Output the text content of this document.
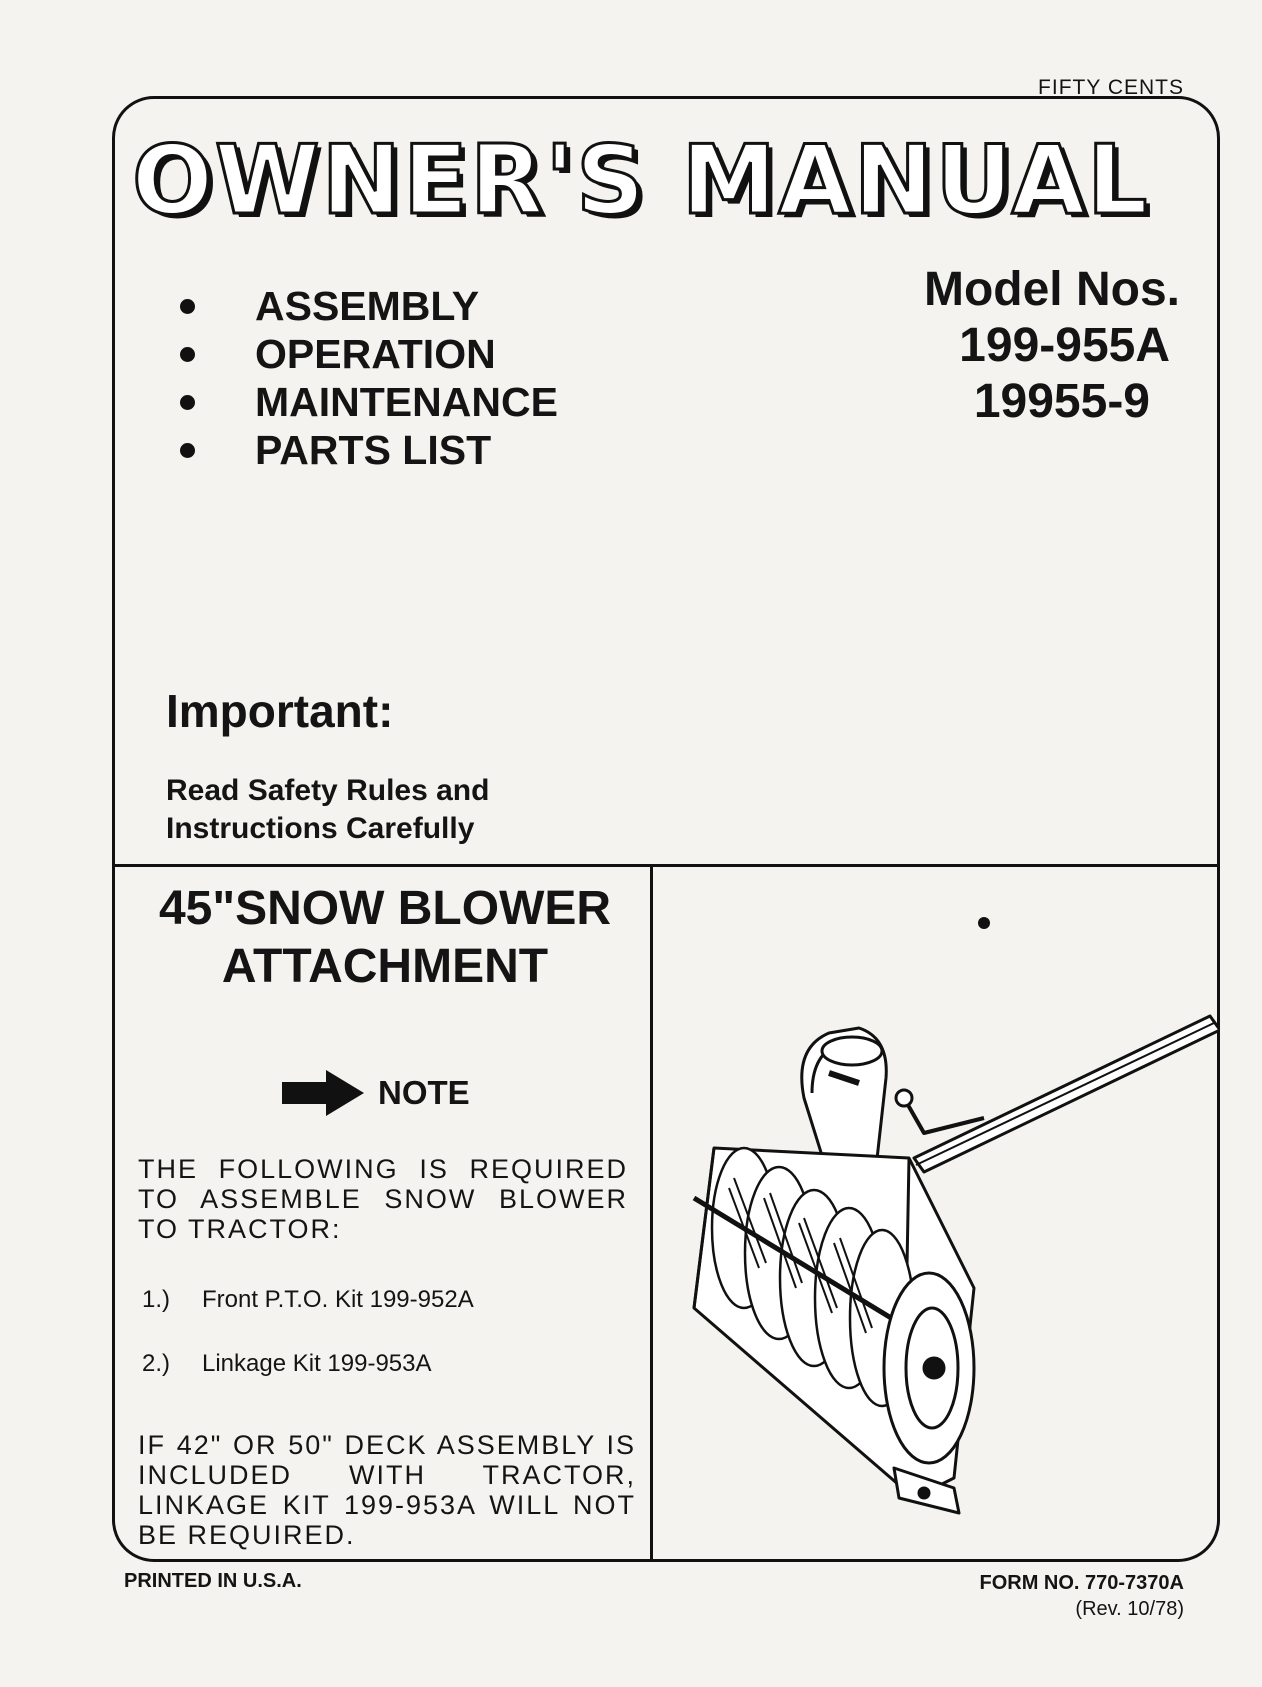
FIFTY CENTS
OWNER'S MANUAL
ASSEMBLY
OPERATION
MAINTENANCE
PARTS LIST
Model Nos.
199-955A
19955-9
Important:
Read Safety Rules and
Instructions Carefully
45"SNOW BLOWER
ATTACHMENT
NOTE
THE FOLLOWING IS REQUIRED TO ASSEMBLE SNOW BLOWER TO TRACTOR:
1.)	Front P.T.O. Kit 199-952A
2.)	Linkage Kit 199-953A
IF 42" OR 50" DECK ASSEMBLY IS INCLUDED WITH TRACTOR, LINKAGE KIT 199-953A WILL NOT BE REQUIRED.
PRINTED IN U.S.A.	FORM NO. 770-7370A
(Rev. 10/78)
